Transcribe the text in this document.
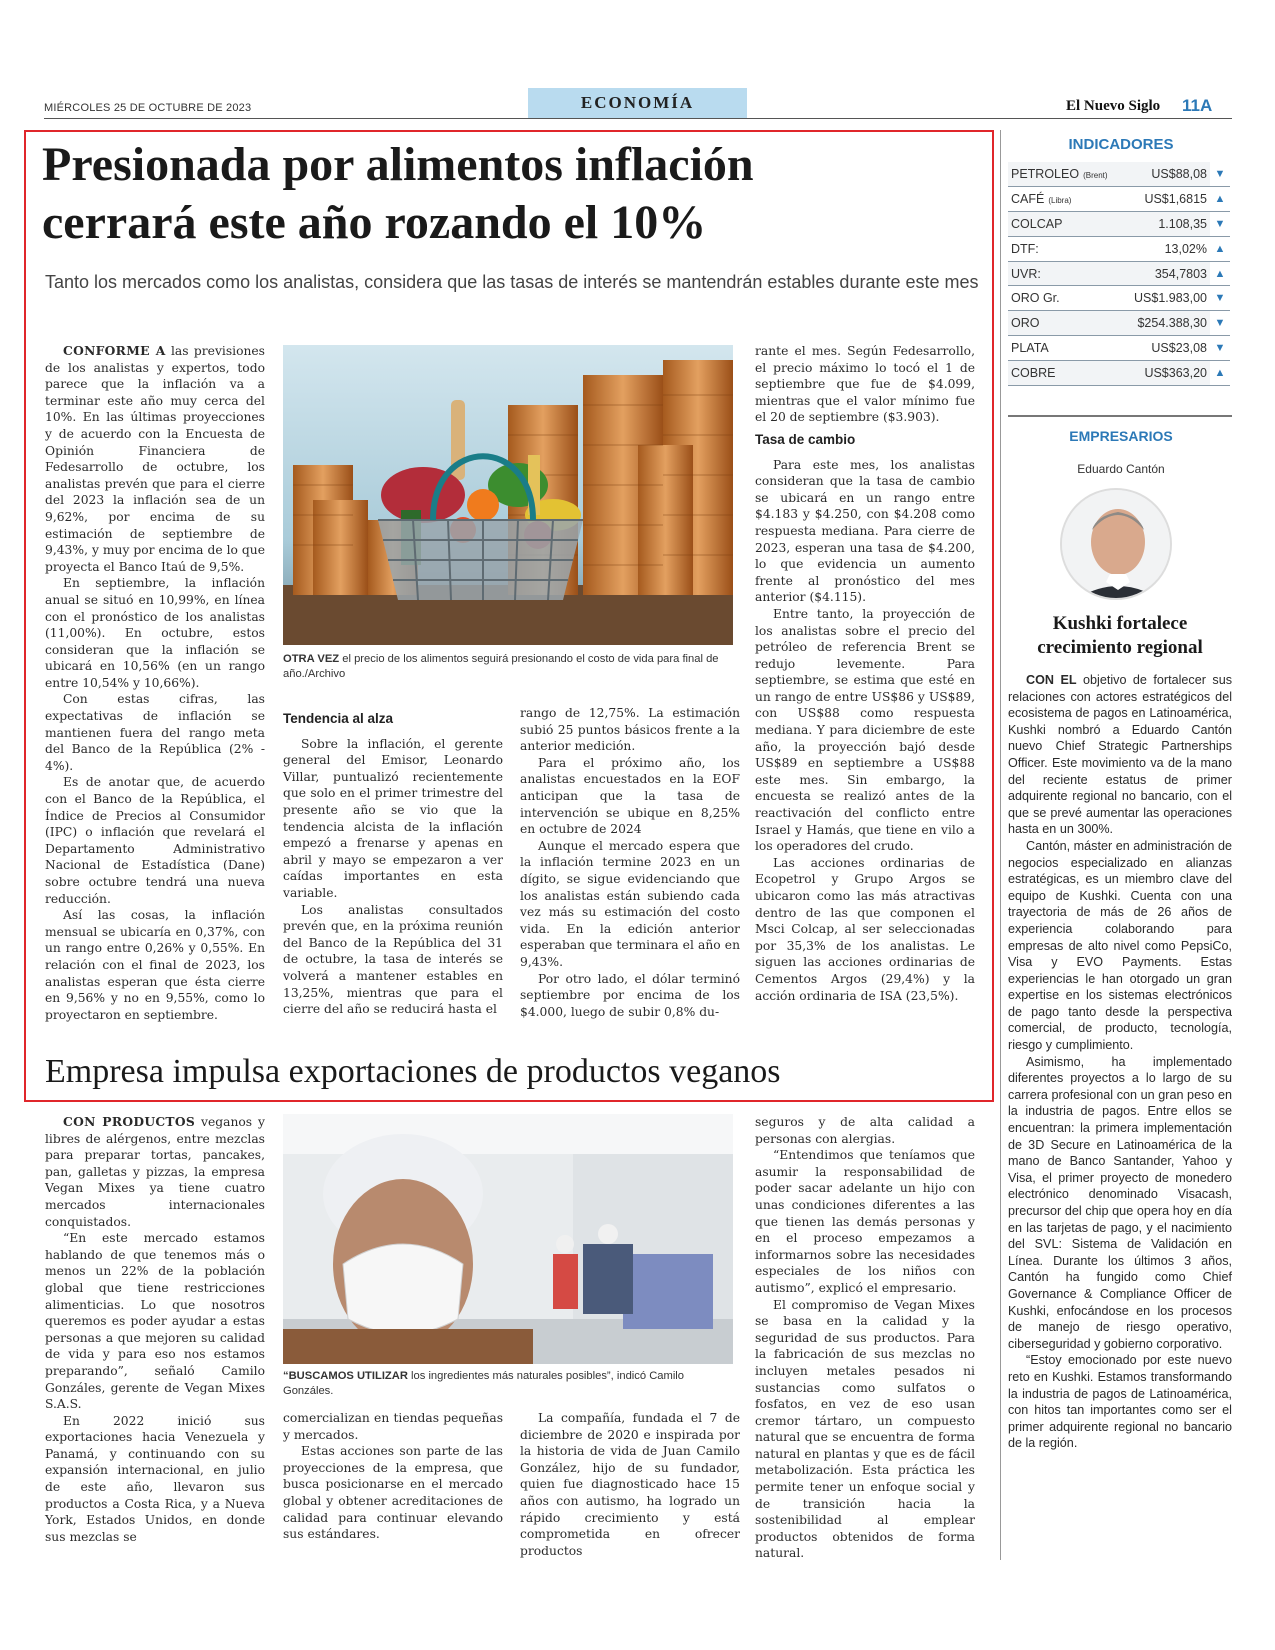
MIÉRCOLES 25 DE OCTUBRE DE 2023	ECONOMÍA	El Nuevo Siglo 11A
Presionada por alimentos inflación
cerrará este año rozando el 10%
Tanto los mercados como los analistas, considera que las tasas de interés se mantendrán estables durante este mes

CONFORME A las previsiones de los analistas y expertos, todo parece que la inflación va a terminar este año muy cerca del 10%. En las últimas proyecciones y de acuerdo con la Encuesta de Opinión Financiera de Fedesarrollo de octubre, los analistas prevén que para el cierre del 2023 la inflación sea de un 9,62%, por encima de su estimación de septiembre de 9,43%, y muy por encima de lo que proyecta el Banco Itaú de 9,5%.

En septiembre, la inflación anual se situó en 10,99%, en línea con el pronóstico de los analistas (11,00%). En octubre, estos consideran que la inflación se ubicará en 10,56% (en un rango entre 10,54% y 10,66%).

Con estas cifras, las expectativas de inflación se mantienen fuera del rango meta del Banco de la República (2% - 4%).

Es de anotar que, de acuerdo con el Banco de la República, el Índice de Precios al Consumidor (IPC) o inflación que revelará el Departamento Administrativo Nacional de Estadística (Dane) sobre octubre tendrá una nueva reducción.

Así las cosas, la inflación mensual se ubicaría en 0,37%, con un rango entre 0,26% y 0,55%. En relación con el final de 2023, los analistas esperan que ésta cierre en 9,56% y no en 9,55%, como lo proyectaron en septiembre.

OTRA VEZ el precio de los alimentos seguirá presionando el costo de vida para final de año./Archivo
Tendencia al alza

Sobre la inflación, el gerente general del Emisor, Leonardo Villar, puntualizó recientemente que solo en el primer trimestre del presente año se vio que la tendencia alcista de la inflación empezó a frenarse y apenas en abril y mayo se empezaron a ver caídas importantes en esta variable.

Los analistas consultados prevén que, en la próxima reunión del Banco de la República del 31 de octubre, la tasa de interés se volverá a mantener estables en 13,25%, mientras que para el cierre del año se reducirá hasta el

rango de 12,75%. La estimación subió 25 puntos básicos frente a la anterior medición.

Para el próximo año, los analistas encuestados en la EOF anticipan que la tasa de intervención se ubique en 8,25% en octubre de 2024

Aunque el mercado espera que la inflación termine 2023 en un dígito, se sigue evidenciando que los analistas están subiendo cada vez más su estimación del costo vida. En la edición anterior esperaban que terminara el año en 9,43%.

Por otro lado, el dólar terminó septiembre por encima de los $4.000, luego de subir 0,8% du-

rante el mes. Según Fedesarrollo, el precio máximo lo tocó el 1 de septiembre que fue de $4.099, mientras que el valor mínimo fue el 20 de septiembre ($3.903).

Tasa de cambio

Para este mes, los analistas consideran que la tasa de cambio se ubicará en un rango entre $4.183 y $4.250, con $4.208 como respuesta mediana. Para cierre de 2023, esperan una tasa de $4.200, lo que evidencia un aumento frente al pronóstico del mes anterior ($4.115).

Entre tanto, la proyección de los analistas sobre el precio del petróleo de referencia Brent se redujo levemente. Para septiembre, se estima que esté en un rango de entre US$86 y US$89, con US$88 como respuesta mediana. Y para diciembre de este año, la proyección bajó desde US$89 en septiembre a US$88 este mes. Sin embargo, la encuesta se realizó antes de la reactivación del conflicto entre Israel y Hamás, que tiene en vilo a los operadores del crudo.

Las acciones ordinarias de Ecopetrol y Grupo Argos se ubicaron como las más atractivas dentro de las que componen el Msci Colcap, al ser seleccionadas por 35,3% de los analistas. Le siguen las acciones ordinarias de Cementos Argos (29,4%) y la acción ordinaria de ISA (23,5%).

Empresa impulsa exportaciones de productos veganos

CON PRODUCTOS veganos y libres de alérgenos, entre mezclas para preparar tortas, pancakes, pan, galletas y pizzas, la empresa Vegan Mixes ya tiene cuatro mercados internacionales conquistados.

“En este mercado estamos hablando de que tenemos más o menos un 22% de la población global que tiene restricciones alimenticias. Lo que nosotros queremos es poder ayudar a estas personas a que mejoren su calidad de vida y para eso nos estamos preparando”, señaló Camilo Gonzáles, gerente de Vegan Mixes S.A.S.

En 2022 inició sus exportaciones hacia Venezuela y Panamá, y continuando con su expansión internacional, en julio de este año, llevaron sus productos a Costa Rica, y a Nueva York, Estados Unidos, en donde sus mezclas se

“BUSCAMOS UTILIZAR los ingredientes más naturales posibles”, indicó Camilo Gonzáles.

comercializan en tiendas pequeñas y mercados.

Estas acciones son parte de las proyecciones de la empresa, que busca posicionarse en el mercado global y obtener acreditaciones de calidad para continuar elevando sus estándares.

La compañía, fundada el 7 de diciembre de 2020 e inspirada por la historia de vida de Juan Camilo González, hijo de su fundador, quien fue diagnosticado hace 15 años con autismo, ha logrado un rápido crecimiento y está comprometida en ofrecer productos

seguros y de alta calidad a personas con alergias.

“Entendimos que teníamos que asumir la responsabilidad de poder sacar adelante un hijo con unas condiciones diferentes a las que tienen las demás personas y en el proceso empezamos a informarnos sobre las necesidades especiales de los niños con autismo”, explicó el empresario.

El compromiso de Vegan Mixes se basa en la calidad y la seguridad de sus productos. Para la fabricación de sus mezclas no incluyen metales pesados ni sustancias como sulfatos o fosfatos, en vez de eso usan cremor tártaro, un compuesto natural que se encuentra de forma natural en plantas y que es de fácil metabolización. Esta práctica les permite tener un enfoque social y de transición hacia la sostenibilidad al emplear productos obtenidos de forma natural.

INDICADORES
PETROLEO (Brent)	US$88,08	▼
CAFÉ (Libra)	US$1,6815	▲
COLCAP	1.108,35	▼
DTF:	13,02%	▲
UVR:	354,7803	▲
ORO Gr.	US$1.983,00	▼
ORO	$254.388,30	▼
PLATA	US$23,08	▼
COBRE	US$363,20	▲
EMPRESARIOS
Eduardo Cantón
Kushki fortalece
crecimiento regional

CON EL objetivo de fortalecer sus relaciones con actores estratégicos del ecosistema de pagos en Latinoamérica, Kushki nombró a Eduardo Cantón nuevo Chief Strategic Partnerships Officer. Este movimiento va de la mano del reciente estatus de primer adquirente regional no bancario, con el que se prevé aumentar las operaciones hasta en un 300%.

Cantón, máster en administración de negocios especializado en alianzas estratégicas, es un miembro clave del equipo de Kushki. Cuenta con una trayectoria de más de 26 años de experiencia colaborando para empresas de alto nivel como PepsiCo, Visa y EVO Payments. Estas experiencias le han otorgado un gran expertise en los sistemas electrónicos de pago tanto desde la perspectiva comercial, de producto, tecnología, riesgo y cumplimiento.

Asimismo, ha implementado diferentes proyectos a lo largo de su carrera profesional con un gran peso en la industria de pagos. Entre ellos se encuentran: la primera implementación de 3D Secure en Latinoamérica de la mano de Banco Santander, Yahoo y Visa, el primer proyecto de monedero electrónico denominado Visacash, precursor del chip que opera hoy en día en las tarjetas de pago, y el nacimiento del SVL: Sistema de Validación en Línea. Durante los últimos 3 años, Cantón ha fungido como Chief Governance & Compliance Officer de Kushki, enfocándose en los procesos de manejo de riesgo operativo, ciberseguridad y gobierno corporativo.

“Estoy emocionado por este nuevo reto en Kushki. Estamos transformando la industria de pagos de Latinoamérica, con hitos tan importantes como ser el primer adquirente regional no bancario de la región.
